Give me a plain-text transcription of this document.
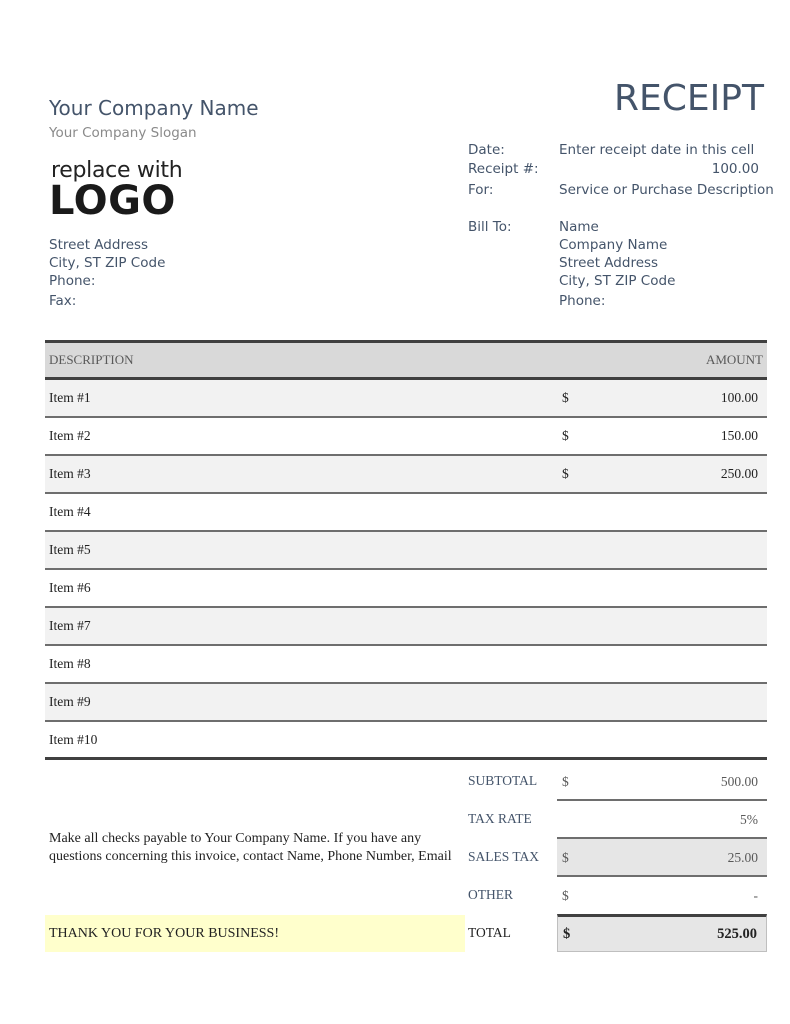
Your Company Name
Your Company Slogan
replace with
LOGO
Street Address
City, ST ZIP Code
Phone:
Fax:
RECEIPT
Date:	Enter receipt date in this cell
Receipt #:	100.00
For:	Service or Purchase Description
Bill To:	Name
Company Name
Street Address
City, ST ZIP Code
Phone:
DESCRIPTION	AMOUNT
Item #1	$	100.00
Item #2	$	150.00
Item #3	$	250.00
Item #4
Item #5
Item #6
Item #7
Item #8
Item #9
Item #10
Make all checks payable to Your Company Name. If you have any questions concerning this invoice, contact Name, Phone Number, Email
THANK YOU FOR YOUR BUSINESS!
SUBTOTAL $	500.00
TAX RATE	5%
SALES TAX $	25.00
OTHER	$	-
TOTAL	$	525.00
